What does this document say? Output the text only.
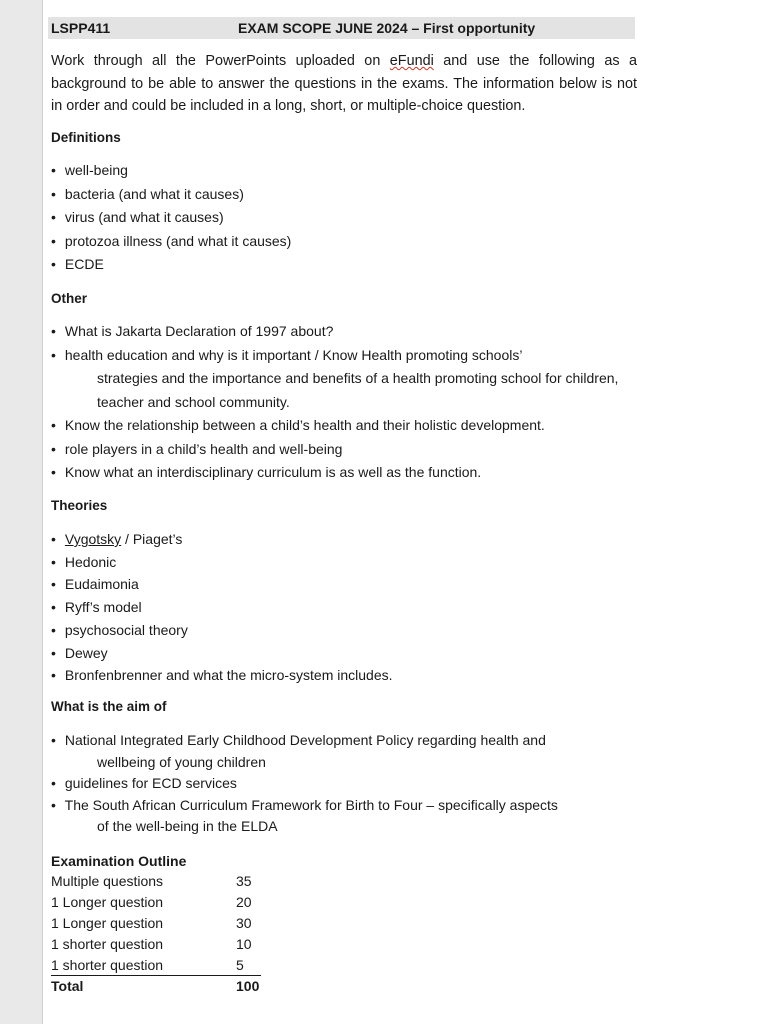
LSPP411	EXAM SCOPE JUNE 2024 – First opportunity
Work through all the PowerPoints uploaded on eFundi and use the following as a background to be able to answer the questions in the exams. The information below is not in order and could be included in a long, short, or multiple-choice question.
Definitions
• well-being
• bacteria (and what it causes)
• virus (and what it causes)
• protozoa illness (and what it causes)
• ECDE
Other
• What is Jakarta Declaration of 1997 about?
• health education and why is it important / Know Health promoting schools’
strategies and the importance and benefits of a health promoting school for children, teacher and school community.
• Know the relationship between a child’s health and their holistic development.
• role players in a child’s health and well-being
• Know what an interdisciplinary curriculum is as well as the function.
Theories
• Vygotsky / Piaget’s
• Hedonic
• Eudaimonia
• Ryff’s model
• psychosocial theory
• Dewey
• Bronfenbrenner and what the micro-system includes.
What is the aim of
• National Integrated Early Childhood Development Policy regarding health and
wellbeing of young children
• guidelines for ECD services
• The South African Curriculum Framework for Birth to Four – specifically aspects
of the well-being in the ELDA
Examination Outline
Multiple questions	35
1 Longer question	20
1 Longer question	30
1 shorter question	10
1 shorter question	5
Total	100
